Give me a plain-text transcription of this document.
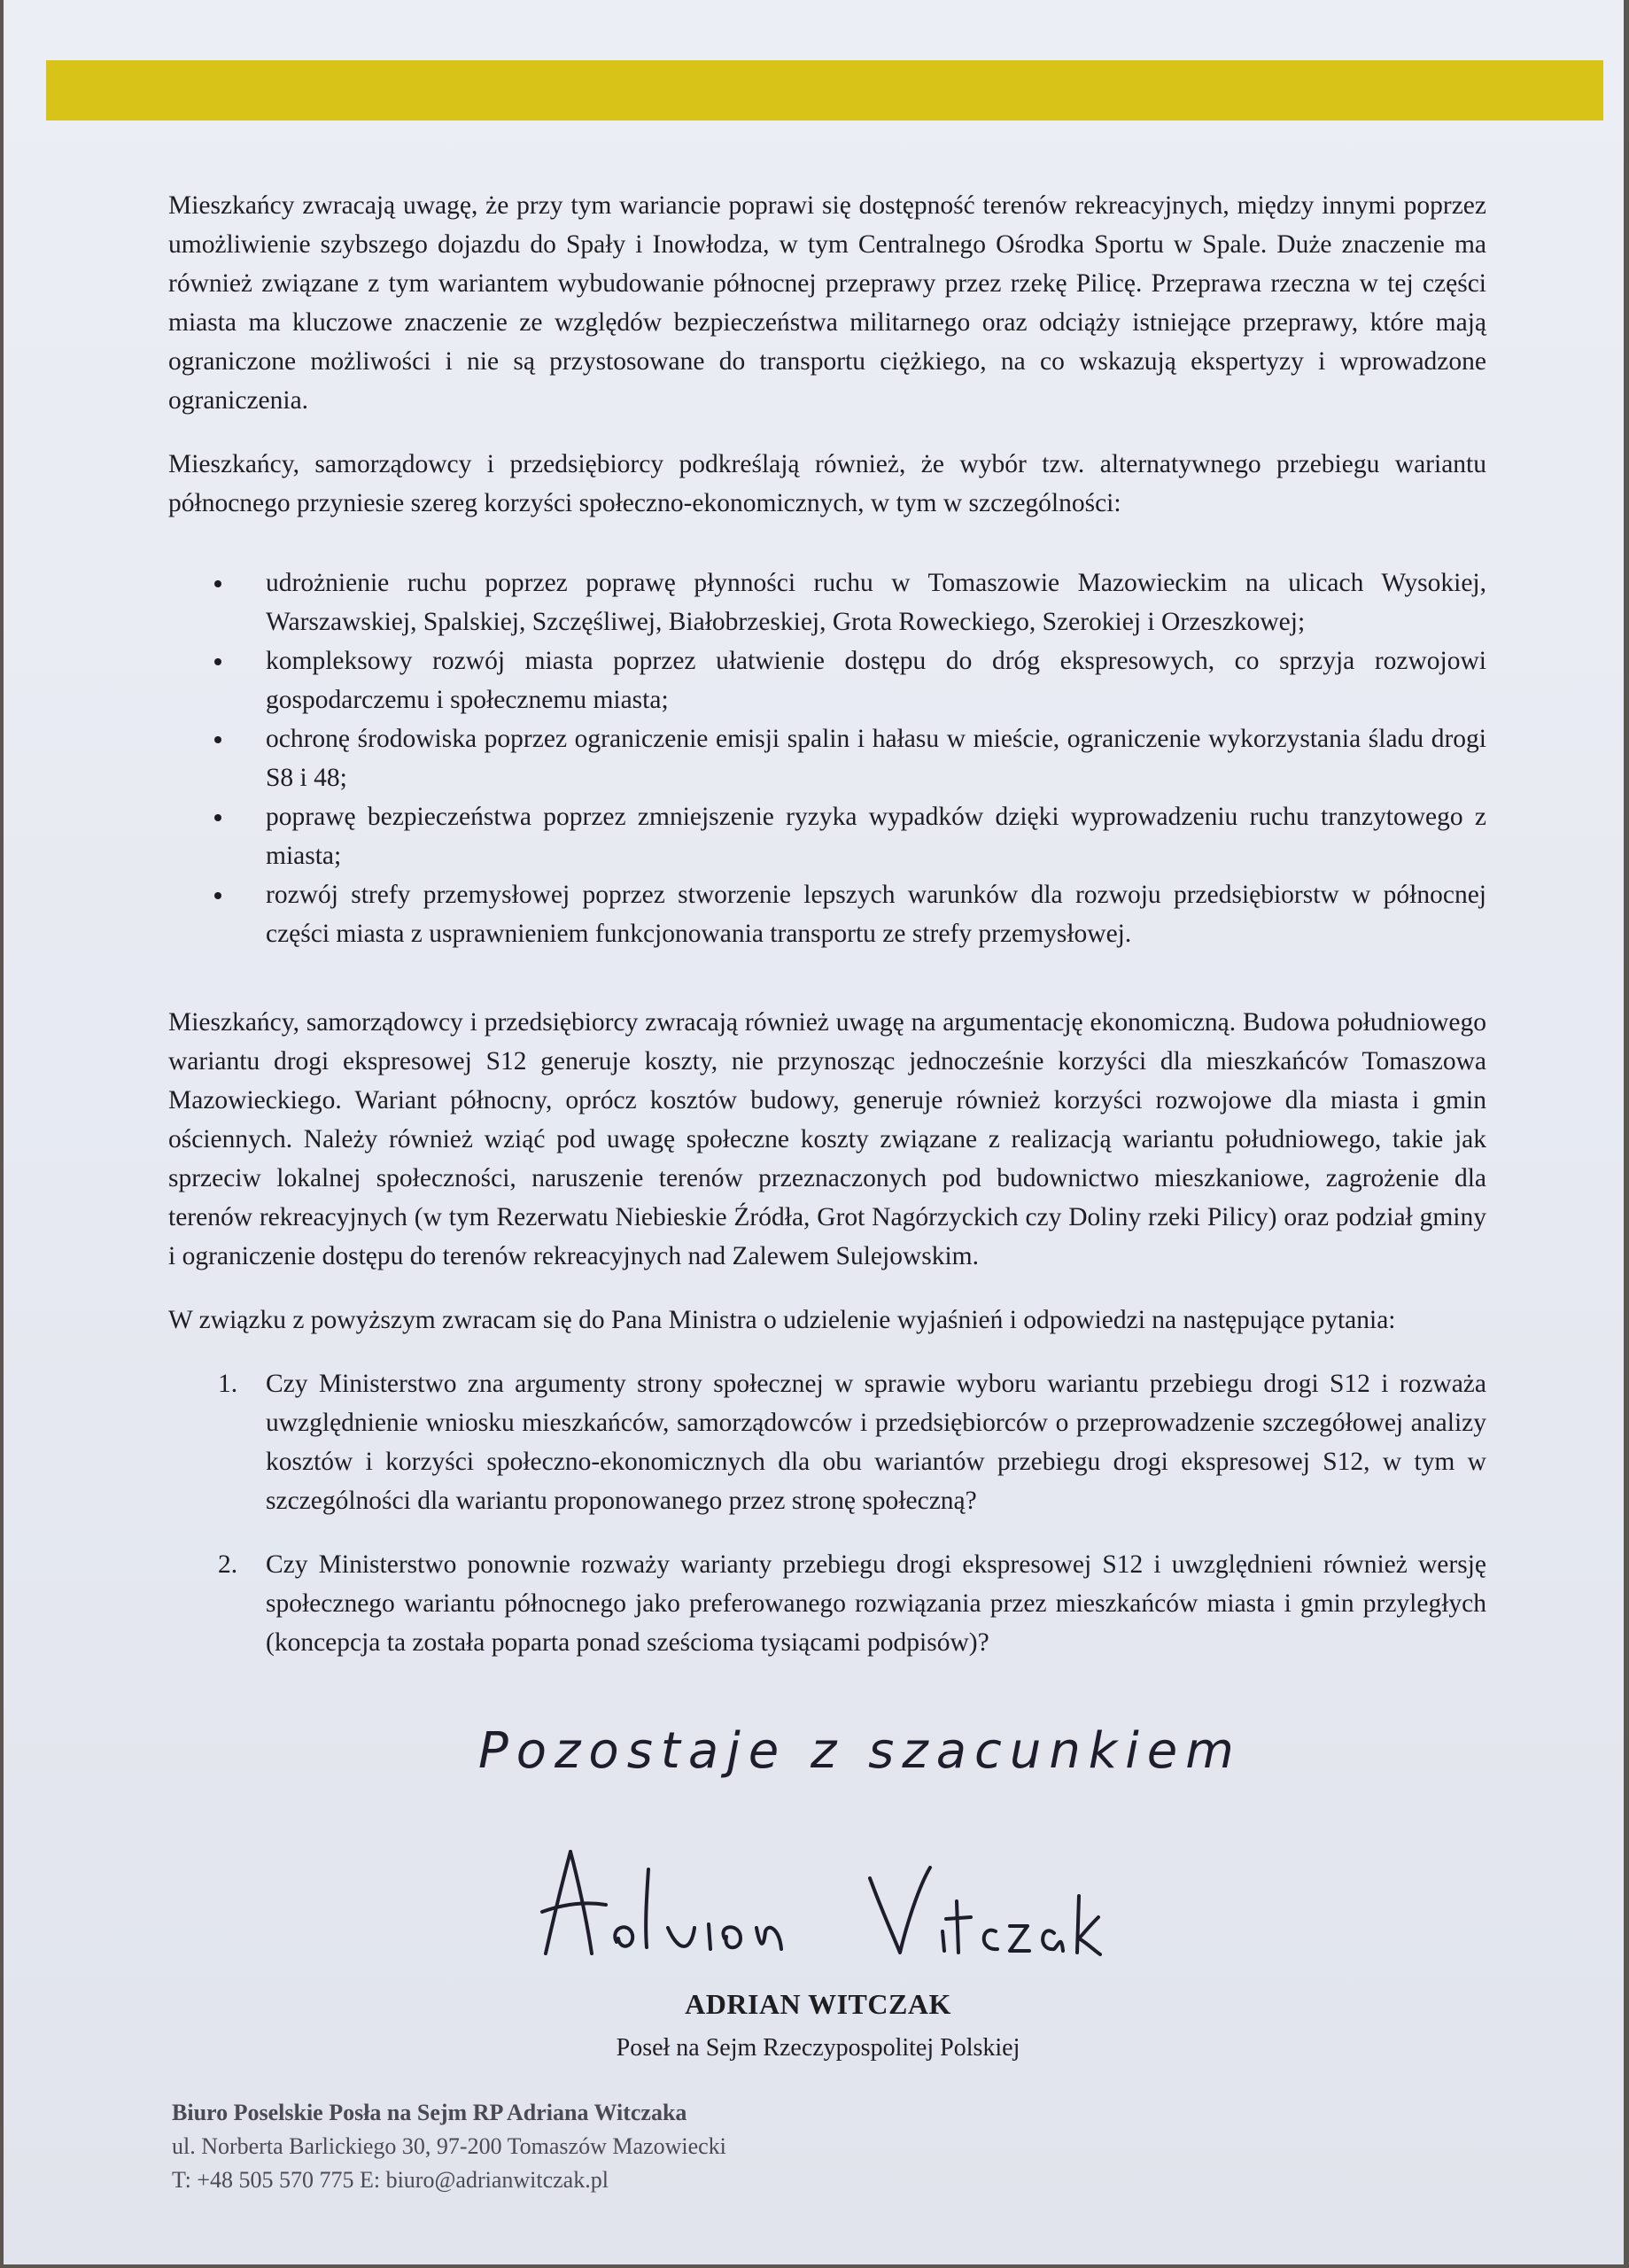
Mieszkańcy zwracają uwagę, że przy tym wariancie poprawi się dostępność terenów rekreacyjnych, między innymi poprzez umożliwienie szybszego dojazdu do Spały i Inowłodza, w tym Centralnego Ośrodka Sportu w Spale. Duże znaczenie ma również związane z tym wariantem wybudowanie północnej przeprawy przez rzekę Pilicę. Przeprawa rzeczna w tej części miasta ma kluczowe znaczenie ze względów bezpieczeństwa militarnego oraz odciąży istniejące przeprawy, które mają ograniczone możliwości i nie są przystosowane do transportu ciężkiego, na co wskazują ekspertyzy i wprowadzone ograniczenia.

Mieszkańcy, samorządowcy i przedsiębiorcy podkreślają również, że wybór tzw. alternatywnego przebiegu wariantu północnego przyniesie szereg korzyści społeczno-ekonomicznych, w tym w szczególności:

udrożnienie ruchu poprzez poprawę płynności ruchu w Tomaszowie Mazowieckim na ulicach Wysokiej, Warszawskiej, Spalskiej, Szczęśliwej, Białobrzeskiej, Grota Roweckiego, Szerokiej i Orzeszkowej;
kompleksowy rozwój miasta poprzez ułatwienie dostępu do dróg ekspresowych, co sprzyja rozwojowi gospodarczemu i społecznemu miasta;
ochronę środowiska poprzez ograniczenie emisji spalin i hałasu w mieście, ograniczenie wykorzystania śladu drogi S8 i 48;
poprawę bezpieczeństwa poprzez zmniejszenie ryzyka wypadków dzięki wyprowadzeniu ruchu tranzytowego z miasta;
rozwój strefy przemysłowej poprzez stworzenie lepszych warunków dla rozwoju przedsiębiorstw w północnej części miasta z usprawnieniem funkcjonowania transportu ze strefy przemysłowej.

Mieszkańcy, samorządowcy i przedsiębiorcy zwracają również uwagę na argumentację ekonomiczną. Budowa południowego wariantu drogi ekspresowej S12 generuje koszty, nie przynosząc jednocześnie korzyści dla mieszkańców Tomaszowa Mazowieckiego. Wariant północny, oprócz kosztów budowy, generuje również korzyści rozwojowe dla miasta i gmin ościennych. Należy również wziąć pod uwagę społeczne koszty związane z realizacją wariantu południowego, takie jak sprzeciw lokalnej społeczności, naruszenie terenów przeznaczonych pod budownictwo mieszkaniowe, zagrożenie dla terenów rekreacyjnych (w tym Rezerwatu Niebieskie Źródła, Grot Nagórzyckich czy Doliny rzeki Pilicy) oraz podział gminy i ograniczenie dostępu do terenów rekreacyjnych nad Zalewem Sulejowskim.

W związku z powyższym zwracam się do Pana Ministra o udzielenie wyjaśnień i odpowiedzi na następujące pytania:

1. Czy Ministerstwo zna argumenty strony społecznej w sprawie wyboru wariantu przebiegu drogi S12 i rozważa uwzględnienie wniosku mieszkańców, samorządowców i przedsiębiorców o przeprowadzenie szczegółowej analizy kosztów i korzyści społeczno-ekonomicznych dla obu wariantów przebiegu drogi ekspresowej S12, w tym w szczególności dla wariantu proponowanego przez stronę społeczną?
2. Czy Ministerstwo ponownie rozważy warianty przebiegu drogi ekspresowej S12 i uwzględnieni również wersję społecznego wariantu północnego jako preferowanego rozwiązania przez mieszkańców miasta i gmin przyległych (koncepcja ta została poparta ponad sześcioma tysiącami podpisów)?
Pozostaje z szacunkiem
ADRIAN WITCZAK
Poseł na Sejm Rzeczypospolitej Polskiej
Biuro Poselskie Posła na Sejm RP Adriana Witczaka
ul. Norberta Barlickiego 30, 97-200 Tomaszów Mazowiecki
T: +48 505 570 775 E: biuro@adrianwitczak.pl
